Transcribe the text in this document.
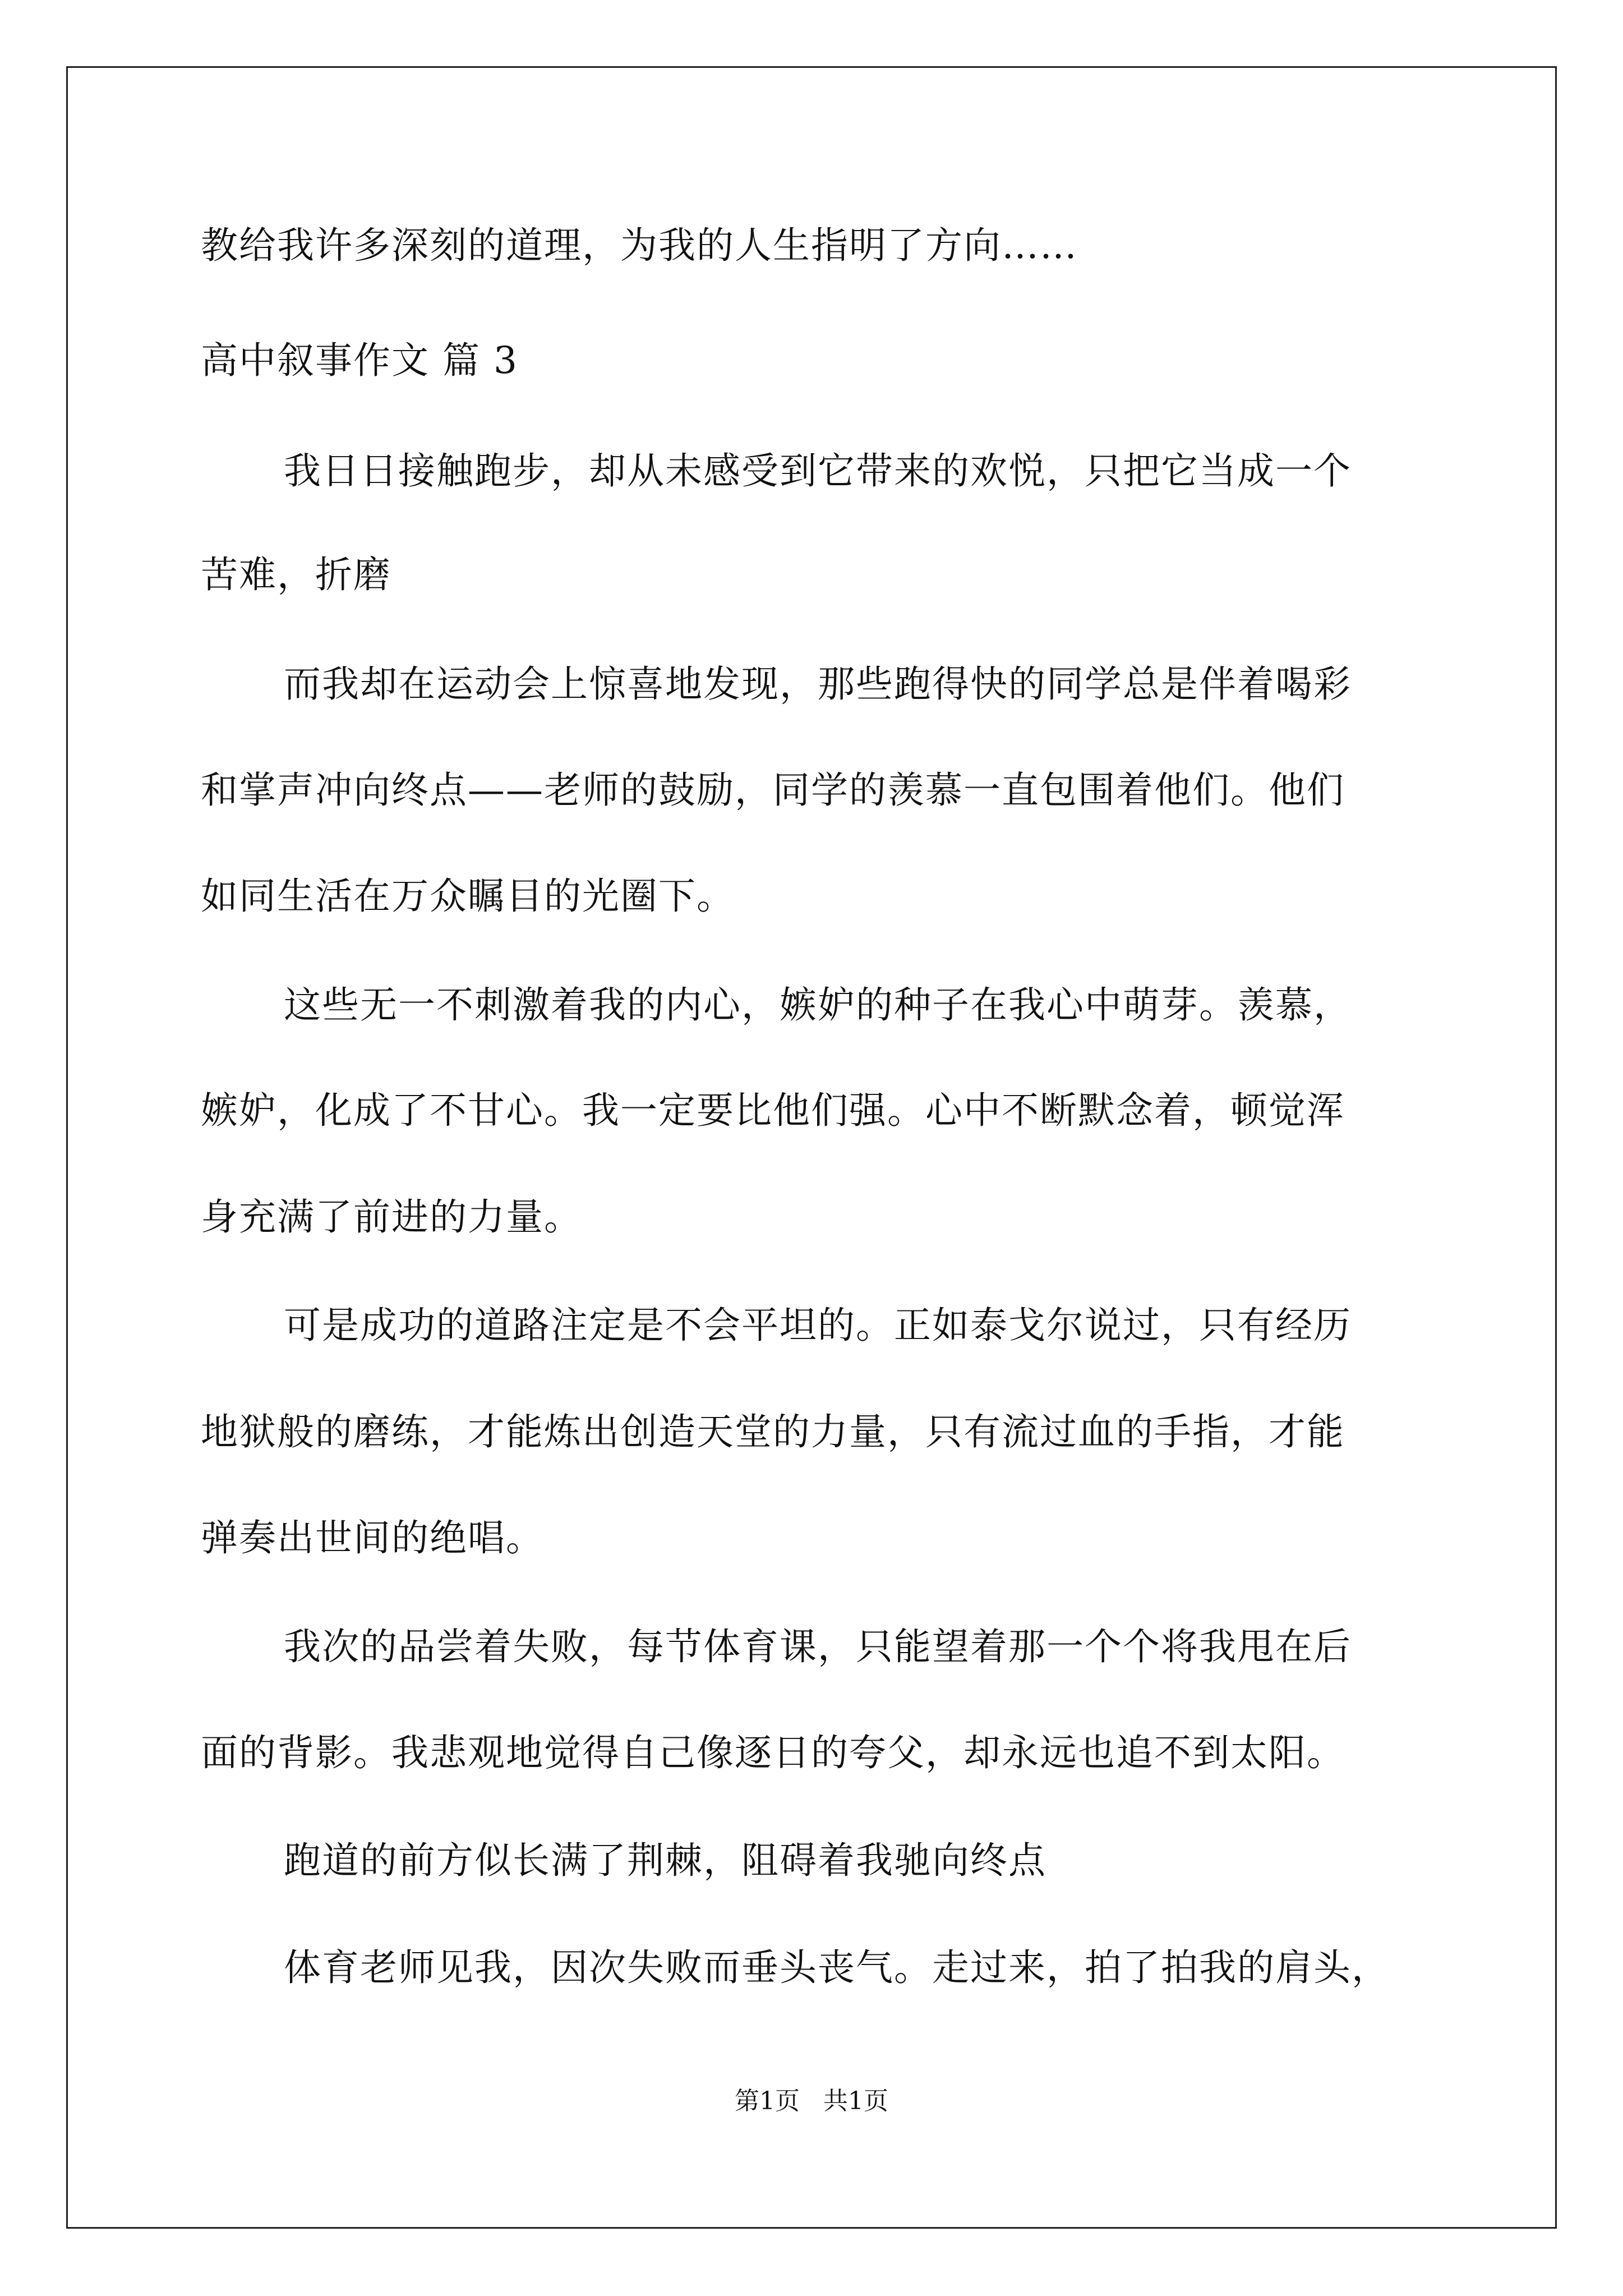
教给我许多深刻的道理，为我的人生指明了方向……
高中叙事作文 篇 3
我日日接触跑步，却从未感受到它带来的欢悦，只把它当成一个
苦难，折磨
而我却在运动会上惊喜地发现，那些跑得快的同学总是伴着喝彩
和掌声冲向终点——老师的鼓励，同学的羡慕一直包围着他们。他们
如同生活在万众瞩目的光圈下。
这些无一不刺激着我的内心，嫉妒的种子在我心中萌芽。羡慕，
嫉妒，化成了不甘心。我一定要比他们强。心中不断默念着，顿觉浑
身充满了前进的力量。
可是成功的道路注定是不会平坦的。正如泰戈尔说过，只有经历
地狱般的磨练，才能炼出创造天堂的力量，只有流过血的手指，才能
弹奏出世间的绝唱。
我次的品尝着失败，每节体育课，只能望着那一个个将我甩在后
面的背影。我悲观地觉得自己像逐日的夸父，却永远也追不到太阳。
跑道的前方似长满了荆棘，阻碍着我驰向终点
体育老师见我，因次失败而垂头丧气。走过来，拍了拍我的肩头，
第1页   共1页
